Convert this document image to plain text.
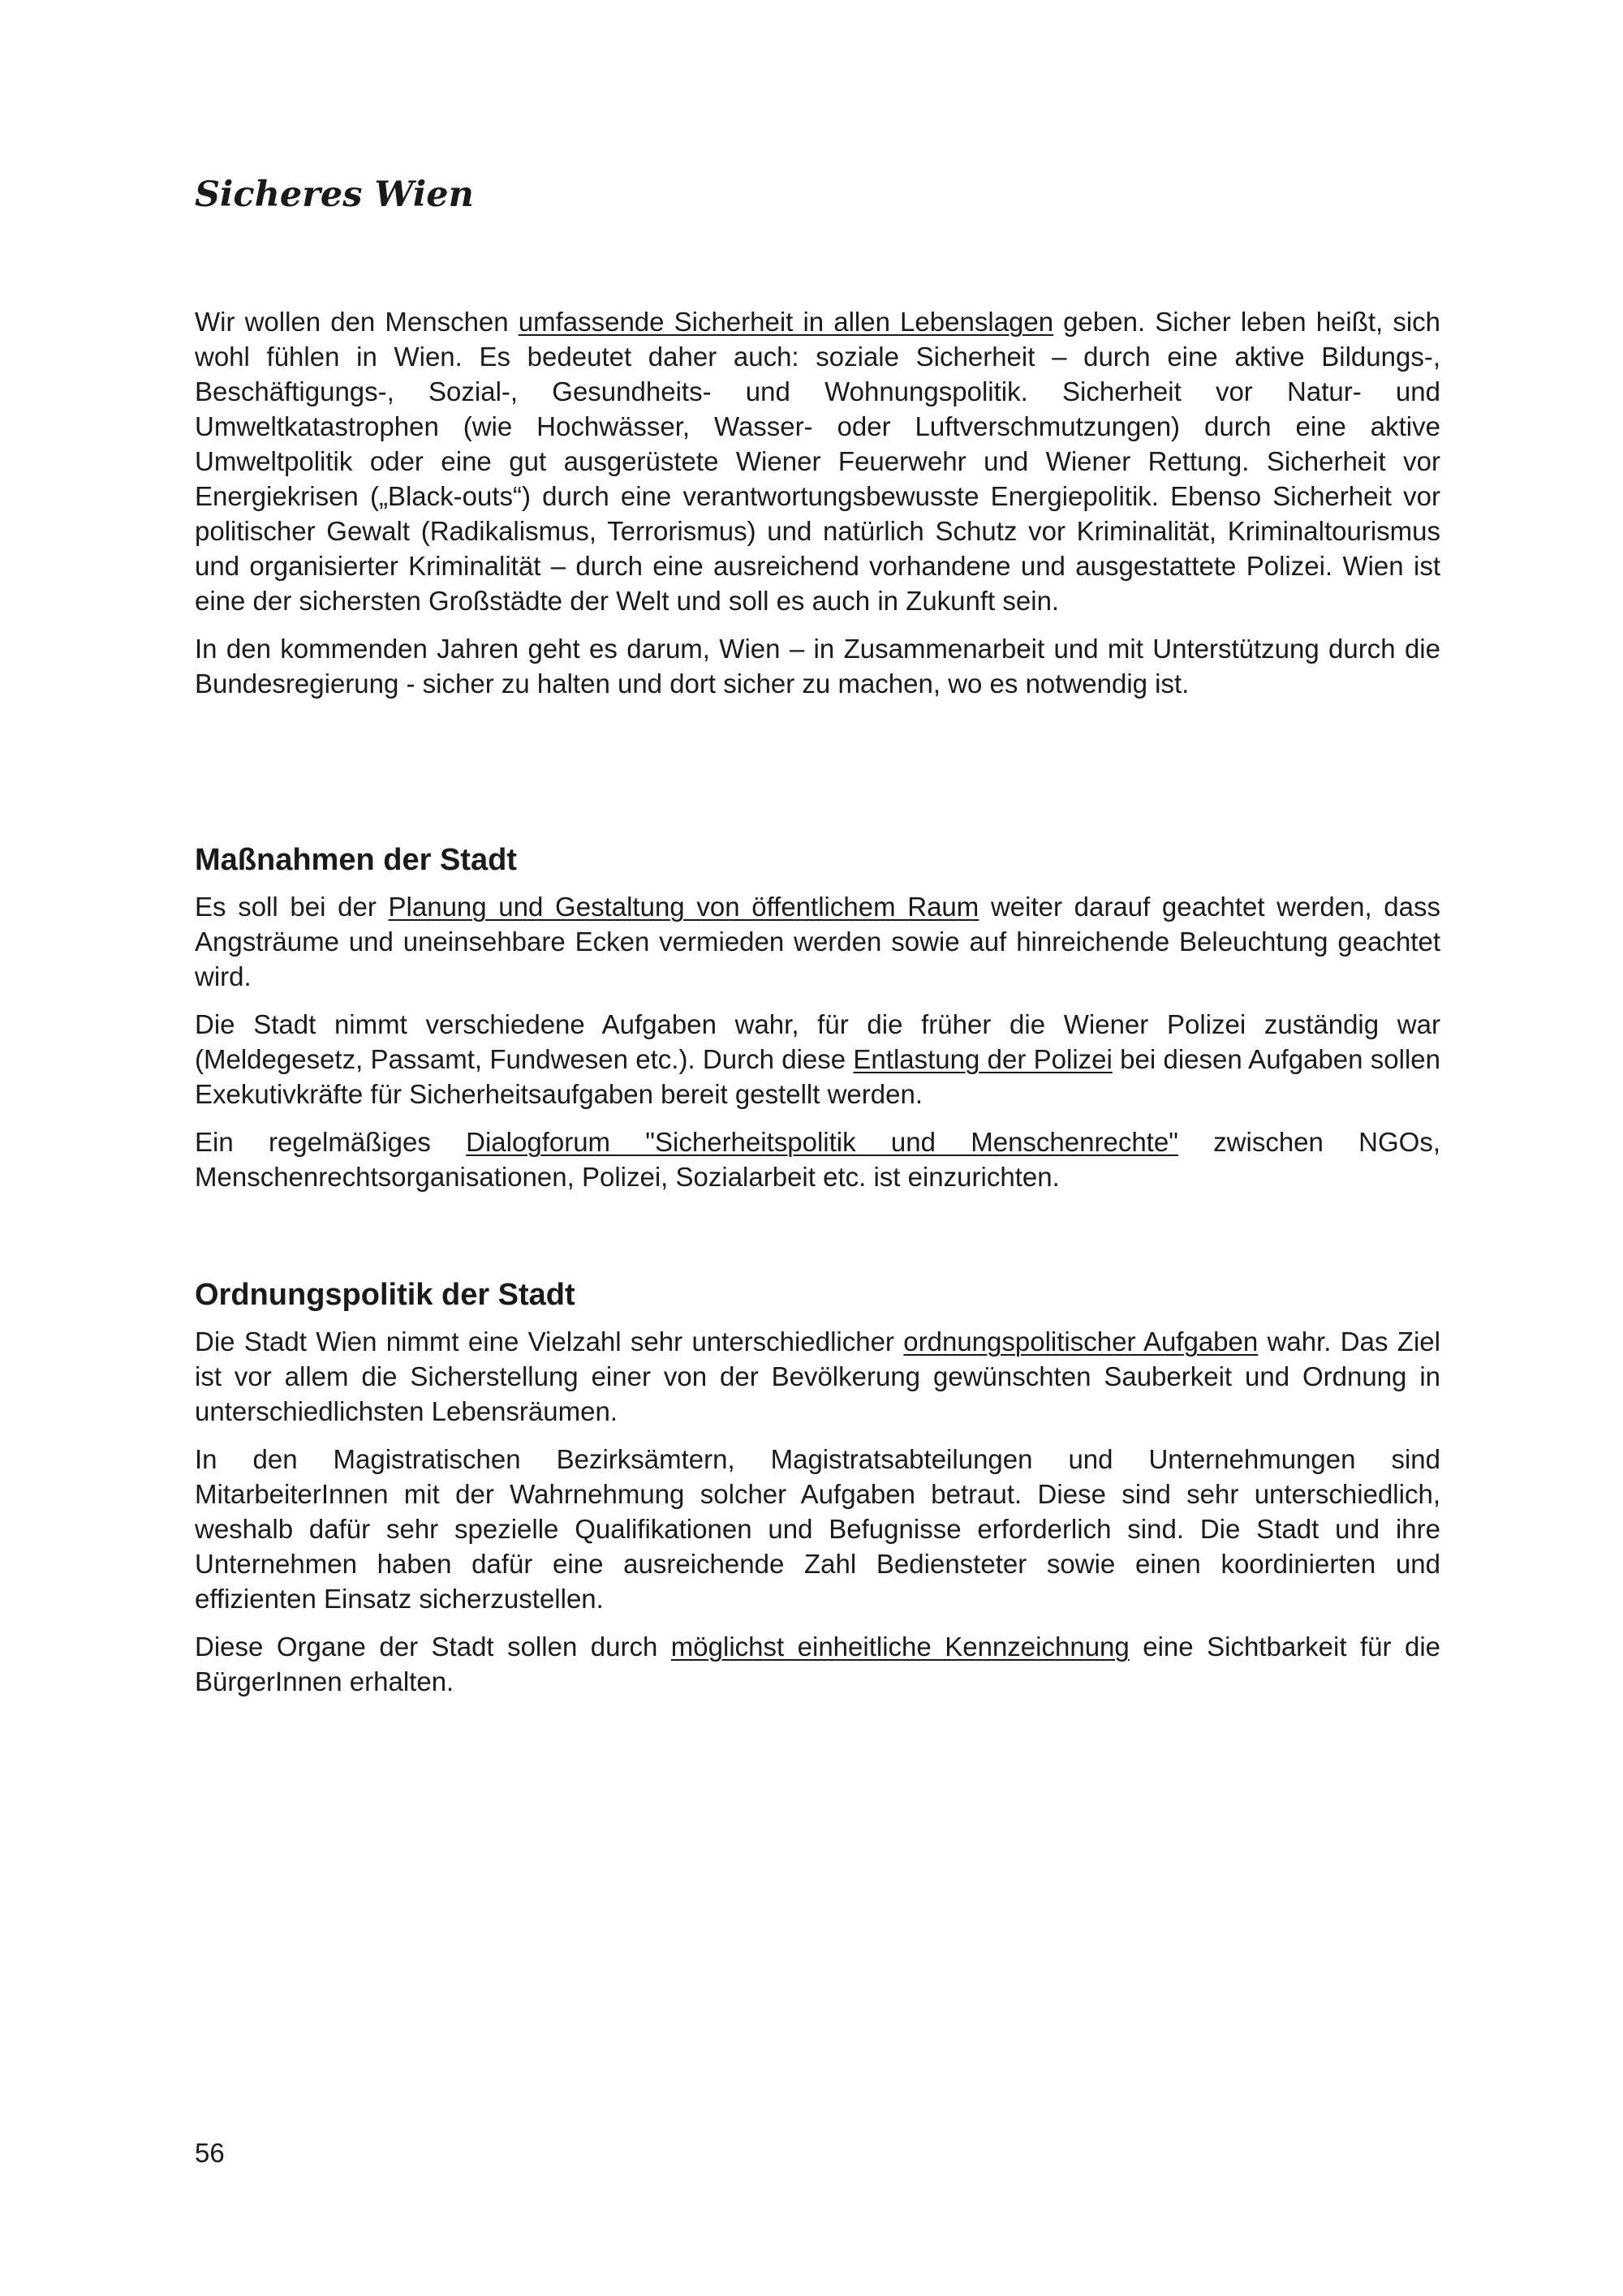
Sicheres Wien

Wir wollen den Menschen umfassende Sicherheit in allen Lebenslagen geben. Sicher leben heißt, sich wohl fühlen in Wien. Es bedeutet daher auch: soziale Sicherheit – durch eine aktive Bildungs-, Beschäftigungs-, Sozial-, Gesundheits- und Wohnungspolitik. Sicherheit vor Natur- und Umweltkatastrophen (wie Hochwässer, Wasser- oder Luftverschmutzungen) durch eine aktive Umweltpolitik oder eine gut ausgerüstete Wiener Feuerwehr und Wiener Rettung. Sicherheit vor Energiekrisen („Black-outs“) durch eine verantwortungsbewusste Energiepolitik. Ebenso Sicherheit vor politischer Gewalt (Radikalismus, Terrorismus) und natürlich Schutz vor Kriminalität, Kriminaltourismus und organisierter Kriminalität – durch eine ausreichend vorhandene und ausgestattete Polizei. Wien ist eine der sichersten Großstädte der Welt und soll es auch in Zukunft sein.

In den kommenden Jahren geht es darum, Wien – in Zusammenarbeit und mit Unterstützung durch die Bundesregierung - sicher zu halten und dort sicher zu machen, wo es notwendig ist.

Maßnahmen der Stadt

Es soll bei der Planung und Gestaltung von öffentlichem Raum weiter darauf geachtet werden, dass Angsträume und uneinsehbare Ecken vermieden werden sowie auf hinreichende Beleuchtung geachtet wird.

Die Stadt nimmt verschiedene Aufgaben wahr, für die früher die Wiener Polizei zuständig war (Meldegesetz, Passamt, Fundwesen etc.). Durch diese Entlastung der Polizei bei diesen Aufgaben sollen Exekutivkräfte für Sicherheitsaufgaben bereit gestellt werden.

Ein regelmäßiges Dialogforum "Sicherheitspolitik und Menschenrechte" zwischen NGOs, Menschenrechtsorganisationen, Polizei, Sozialarbeit etc. ist einzurichten.

Ordnungspolitik der Stadt

Die Stadt Wien nimmt eine Vielzahl sehr unterschiedlicher ordnungspolitischer Aufgaben wahr. Das Ziel ist vor allem die Sicherstellung einer von der Bevölkerung gewünschten Sauberkeit und Ordnung in unterschiedlichsten Lebensräumen.

In den Magistratischen Bezirksämtern, Magistratsabteilungen und Unternehmungen sind MitarbeiterInnen mit der Wahrnehmung solcher Aufgaben betraut. Diese sind sehr unterschiedlich, weshalb dafür sehr spezielle Qualifikationen und Befugnisse erforderlich sind. Die Stadt und ihre Unternehmen haben dafür eine ausreichende Zahl Bediensteter sowie einen koordinierten und effizienten Einsatz sicherzustellen.

Diese Organe der Stadt sollen durch möglichst einheitliche Kennzeichnung eine Sichtbarkeit für die BürgerInnen erhalten.

56
